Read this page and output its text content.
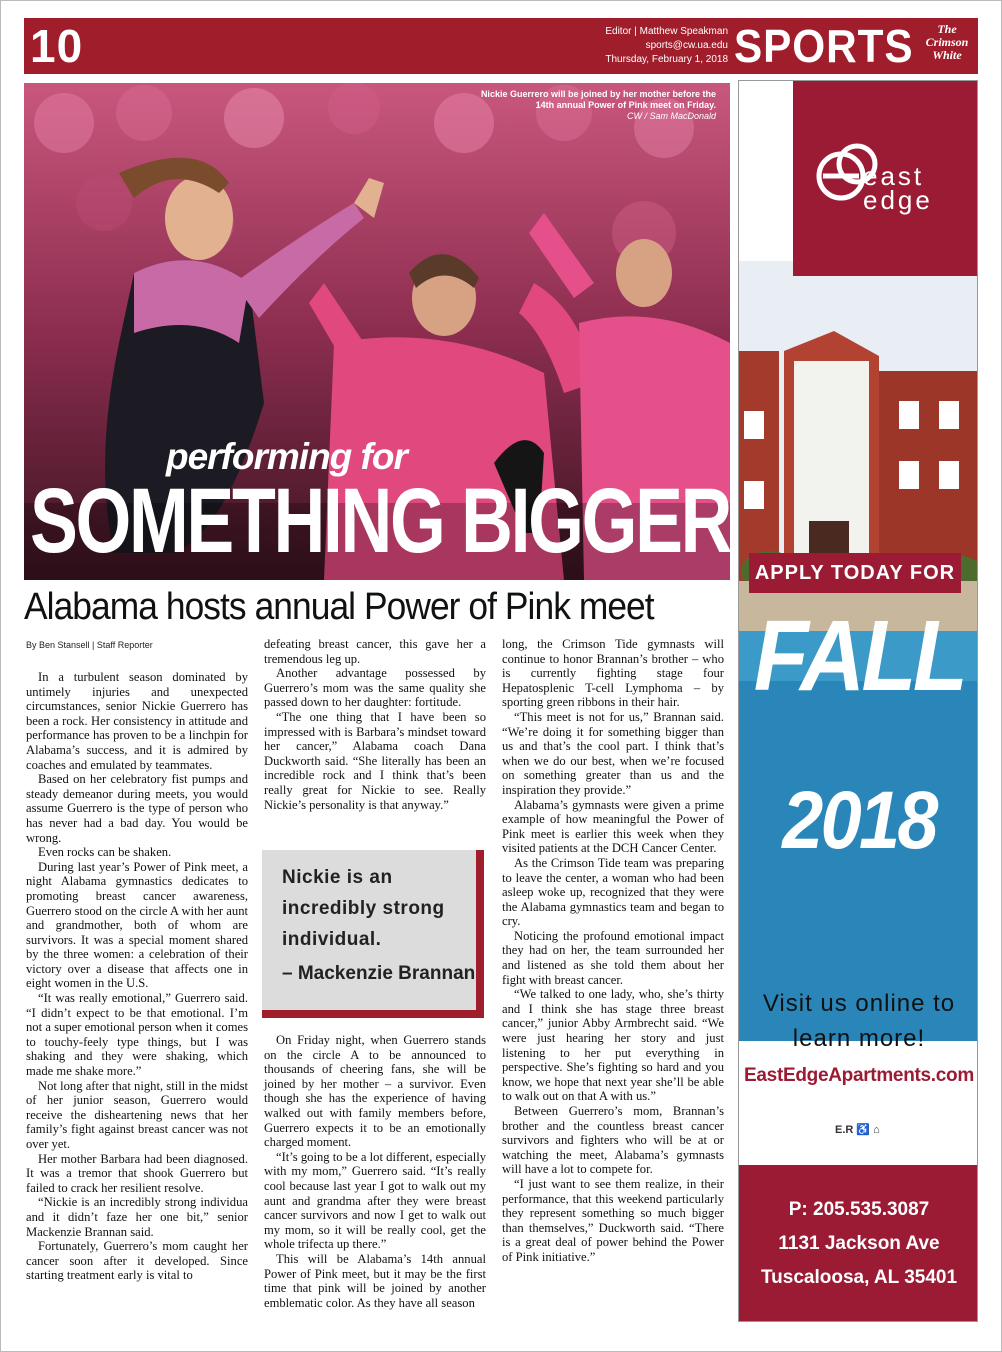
10	Editor | Matthew Speakman
sports@cw.ua.edu
Thursday, February 1, 2018 SPORTS	The
Crimson
White
Nickie Guerrero will be joined by her mother before the 14th annual Power of Pink meet on Friday.
CW / Sam MacDonald
performing for
SOMETHING BIGGER
Alabama hosts annual Power of Pink meet
By Ben Stansell | Staff Reporter

In a turbulent season dominated by untimely injuries and unexpected circumstances, senior Nickie Guerrero has been a rock. Her consistency in attitude and performance has proven to be a linchpin for Alabama’s success, and it is admired by coaches and emulated by teammates.

Based on her celebratory fist pumps and steady demeanor during meets, you would assume Guerrero is the type of person who has never had a bad day. You would be wrong.

Even rocks can be shaken.

During last year’s Power of Pink meet, a night Alabama gymnastics dedicates to promoting breast cancer awareness, Guerrero stood on the circle A with her aunt and grandmother, both of whom are survivors. It was a special moment shared by the three women: a celebration of their victory over a disease that affects one in eight women in the U.S.

“It was really emotional,” Guerrero said. “I didn’t expect to be that emotional. I’m not a super emotional person when it comes to touchy-feely type things, but I was shaking and they were shaking, which made me shake more.”

Not long after that night, still in the midst of her junior season, Guerrero would receive the disheartening news that her family’s fight against breast cancer was not over yet.

Her mother Barbara had been diagnosed. It was a tremor that shook Guerrero but failed to crack her resilient resolve.

“Nickie is an incredibly strong individua and it didn’t faze her one bit,” senior Mackenzie Brannan said.

Fortunately, Guerrero’s mom caught her cancer soon after it developed. Since starting treatment early is vital to

defeating breast cancer, this gave her a tremendous leg up.

Another advantage possessed by Guerrero’s mom was the same quality she passed down to her daughter: fortitude.

“The one thing that I have been so impressed with is Barbara’s mindset toward her cancer,” Alabama coach Dana Duckworth said. “She literally has been an incredible rock and I think that’s been really great for Nickie to see. Really Nickie’s personality is that anyway.”

Nickie is an incredibly strong individual.
– Mackenzie Brannan

On Friday night, when Guerrero stands on the circle A to be announced to thousands of cheering fans, she will be joined by her mother – a survivor. Even though she has the experience of having walked out with family members before, Guerrero expects it to be an emotionally charged moment.

“It’s going to be a lot different, especially with my mom,” Guerrero said. “It’s really cool because last year I got to walk out my aunt and grandma after they were breast cancer survivors and now I get to walk out my mom, so it will be really cool, get the whole trifecta up there.”

This will be Alabama’s 14th annual Power of Pink meet, but it may be the first time that pink will be joined by another emblematic color. As they have all season

long, the Crimson Tide gymnasts will continue to honor Brannan’s brother – who is currently fighting stage four Hepatosplenic T-cell Lymphoma – by sporting green ribbons in their hair.

“This meet is not for us,” Brannan said. “We’re doing it for something bigger than us and that’s the cool part. I think that’s when we do our best, when we’re focused on something greater than us and the inspiration they provide.”

Alabama’s gymnasts were given a prime example of how meaningful the Power of Pink meet is earlier this week when they visited patients at the DCH Cancer Center.

As the Crimson Tide team was preparing to leave the center, a woman who had been asleep woke up, recognized that they were the Alabama gymnastics team and began to cry.

Noticing the profound emotional impact they had on her, the team surrounded her and listened as she told them about her fight with breast cancer.

“We talked to one lady, who, she’s thirty and I think she has stage three breast cancer,” junior Abby Armbrecht said. “We were just hearing her story and just listening to her put everything in perspective. She’s fighting so hard and you know, we hope that next year she’ll be able to walk out on that A with us.”

Between Guerrero’s mom, Brannan’s brother and the countless breast cancer survivors and fighters who will be at or watching the meet, Alabama’s gymnasts will have a lot to compete for.

“I just want to see them realize, in their performance, that this weekend particularly they represent something so much bigger than themselves,” Duckworth said. “There is a great deal of power behind the Power of Pink initiative.”

east
edge
APPLY TODAY FOR
FALL
2018
Visit us online to learn more!
EastEdgeApartments.com
E.R ♿ ⌂
P: 205.535.3087
1131 Jackson Ave
Tuscaloosa, AL 35401
